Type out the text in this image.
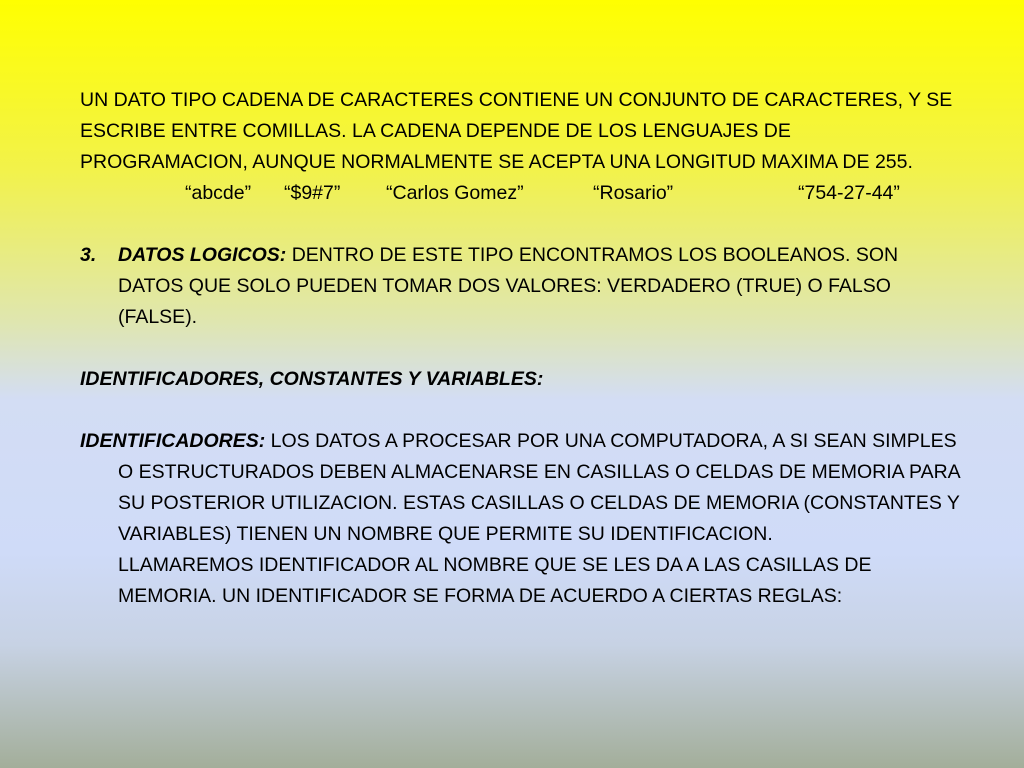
UN DATO TIPO CADENA DE CARACTERES CONTIENE UN CONJUNTO DE CARACTERES, Y SE ESCRIBE ENTRE COMILLAS. LA CADENA DEPENDE DE LOS LENGUAJES DE PROGRAMACION, AUNQUE NORMALMENTE SE ACEPTA UNA LONGITUD MAXIMA DE 255.

“abcde” “$9#7” “Carlos Gomez”	“Rosario”	“754-27-44”

3. DATOS LOGICOS: DENTRO DE ESTE TIPO ENCONTRAMOS LOS BOOLEANOS. SON DATOS QUE SOLO PUEDEN TOMAR DOS VALORES: VERDADERO (TRUE) O FALSO (FALSE).

IDENTIFICADORES, CONSTANTES Y VARIABLES:

IDENTIFICADORES: LOS DATOS A PROCESAR POR UNA COMPUTADORA, A SI SEAN SIMPLES O ESTRUCTURADOS DEBEN ALMACENARSE EN CASILLAS O CELDAS DE MEMORIA PARA SU POSTERIOR UTILIZACION. ESTAS CASILLAS O CELDAS DE MEMORIA (CONSTANTES Y VARIABLES) TIENEN UN NOMBRE QUE PERMITE SU IDENTIFICACION.

LLAMAREMOS IDENTIFICADOR AL NOMBRE QUE SE LES DA A LAS CASILLAS DE MEMORIA. UN IDENTIFICADOR SE FORMA DE ACUERDO A CIERTAS REGLAS:
